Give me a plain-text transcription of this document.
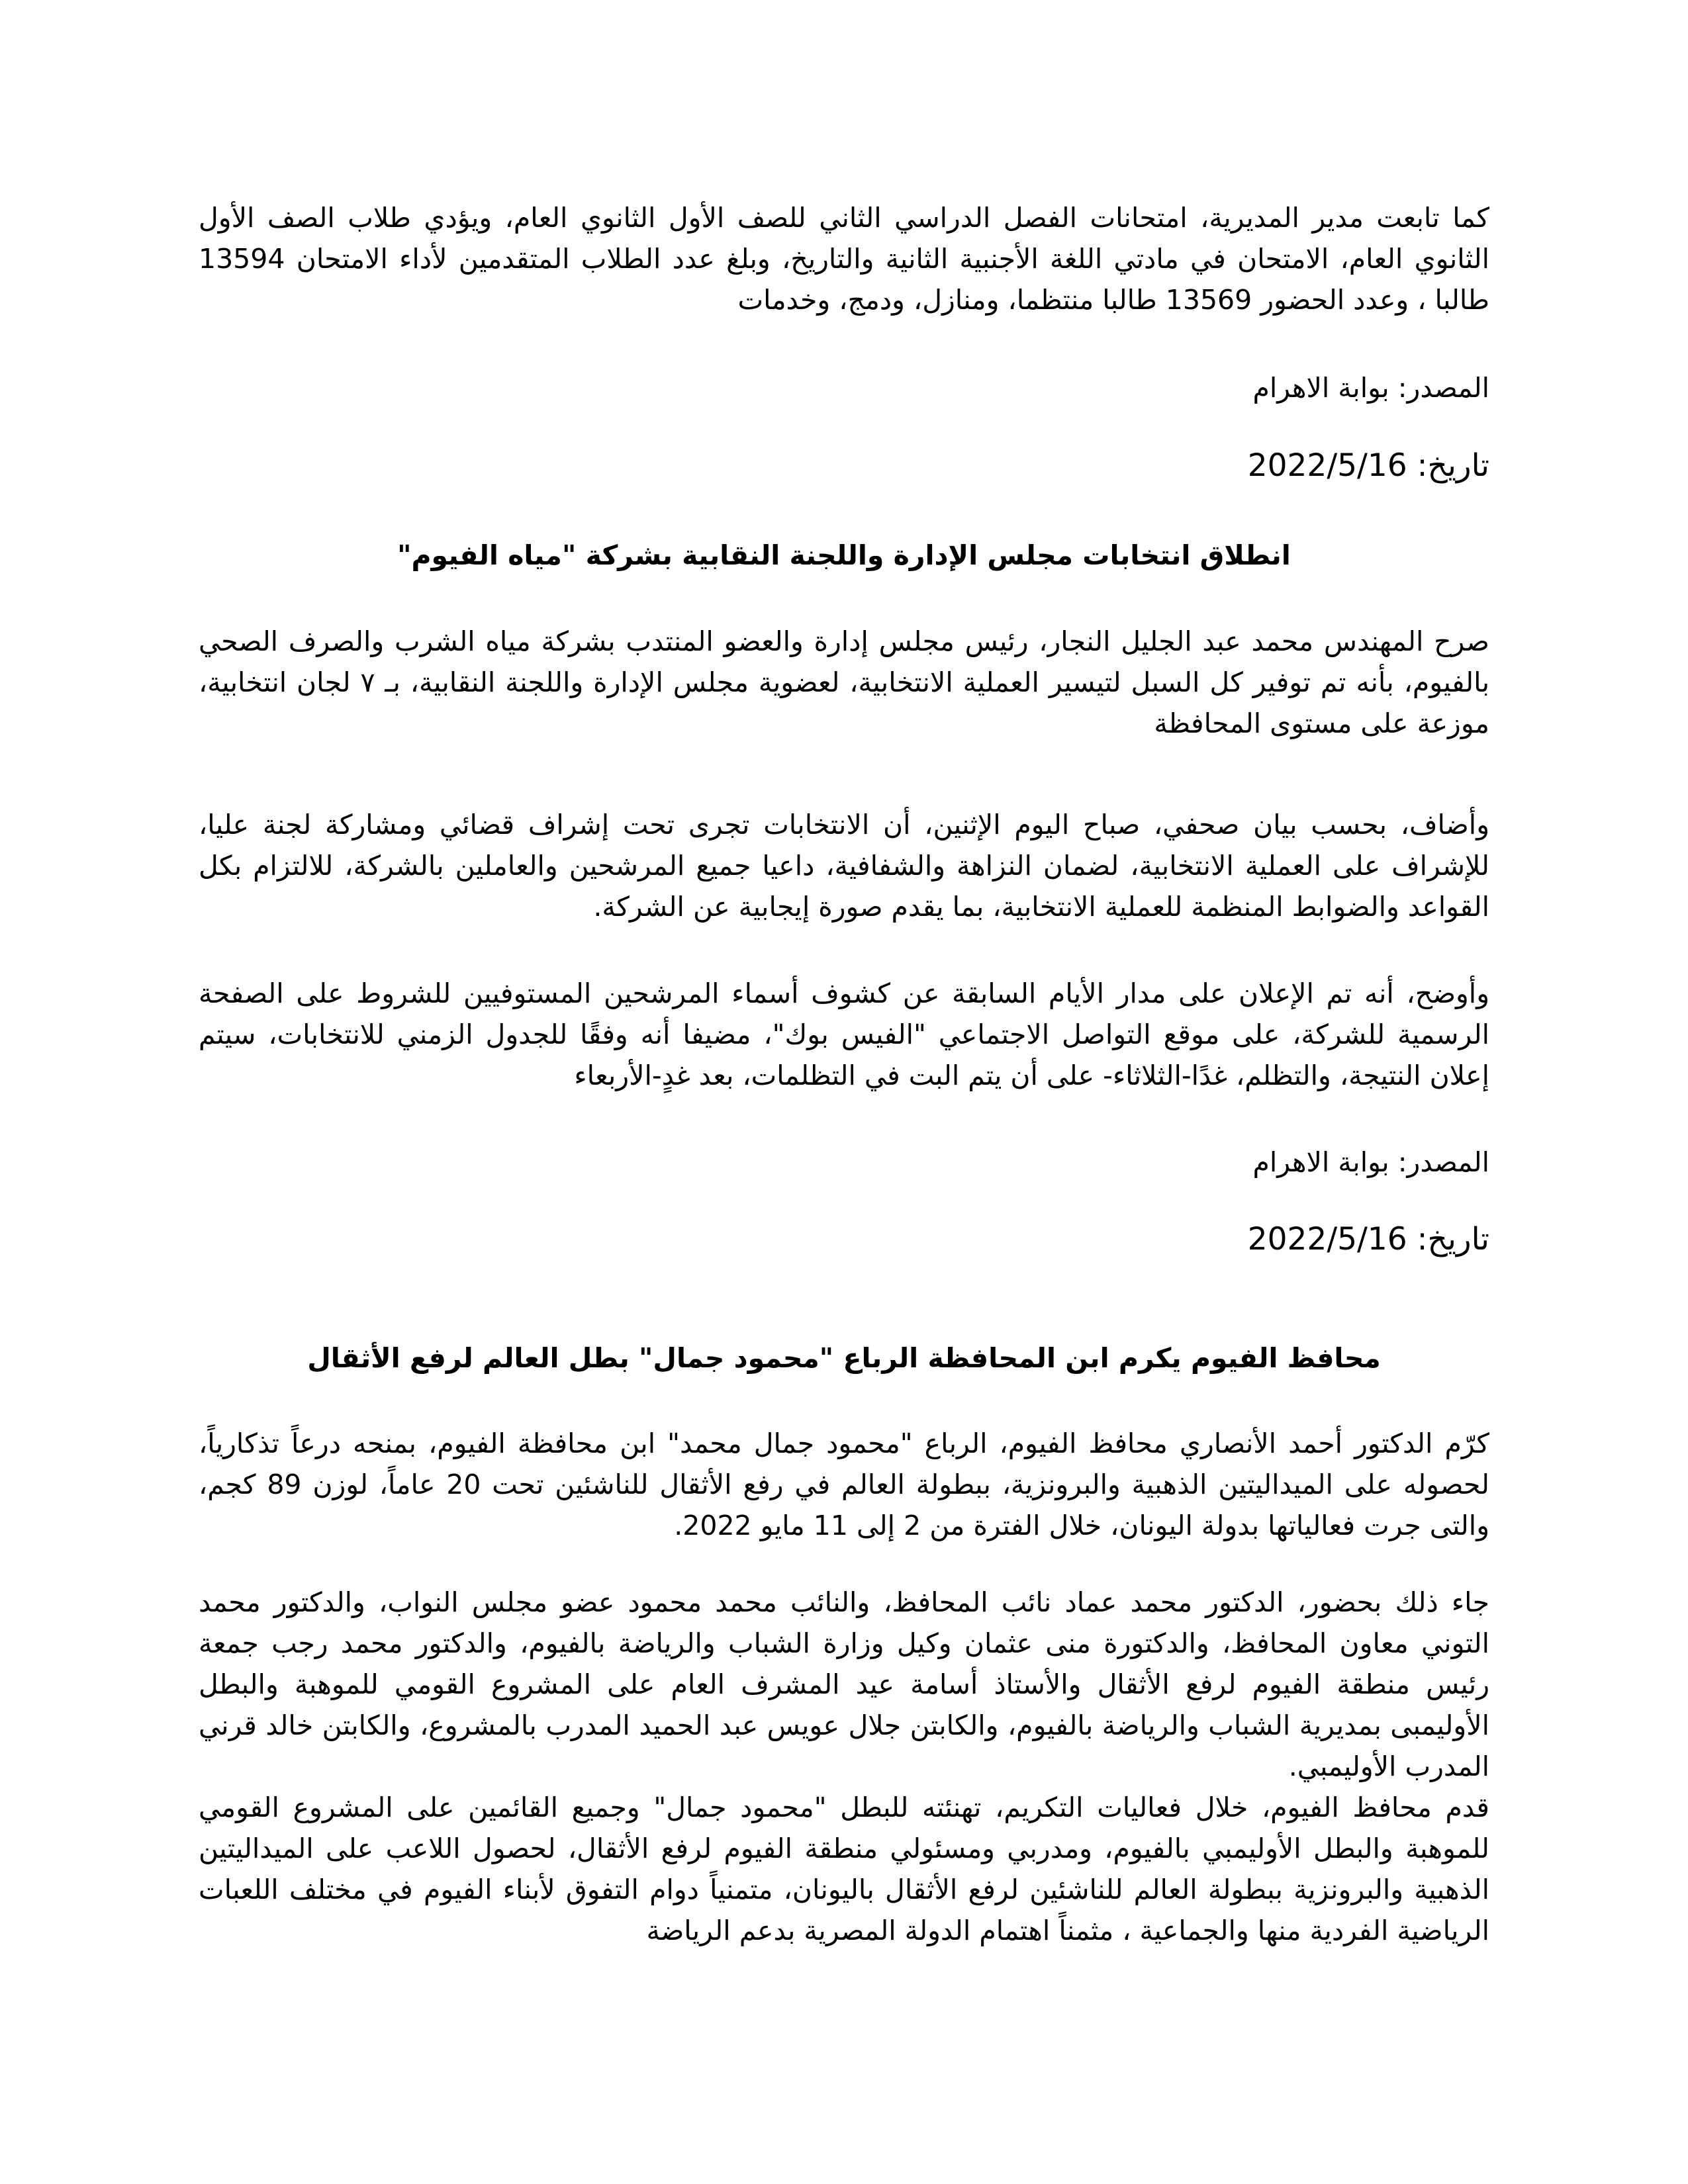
كما تابعت مدير المديرية، امتحانات الفصل الدراسي الثاني للصف الأول الثانوي العام، ويؤدي طلاب الصف الأول الثانوي العام، الامتحان في مادتي اللغة الأجنبية الثانية والتاريخ، وبلغ عدد الطلاب المتقدمين لأداء الامتحان 13594 طالبا ، وعدد الحضور 13569 طالبا منتظما، ومنازل، ودمج، وخدمات

المصدر: بوابة الاهرام
تاريخ: 2022/5/16
انطلاق انتخابات مجلس الإدارة واللجنة النقابية بشركة "مياه الفيوم"

صرح المهندس محمد عبد الجليل النجار، رئيس مجلس إدارة والعضو المنتدب بشركة مياه الشرب والصرف الصحي بالفيوم، بأنه تم توفير كل السبل لتيسير العملية الانتخابية، لعضوية مجلس الإدارة واللجنة النقابية، بـ ٧ لجان انتخابية، موزعة على مستوى المحافظة

وأضاف، بحسب بيان صحفي، صباح اليوم الإثنين، أن الانتخابات تجرى تحت إشراف قضائي ومشاركة لجنة عليا، للإشراف على العملية الانتخابية، لضمان النزاهة والشفافية، داعيا جميع المرشحين والعاملين بالشركة، للالتزام بكل القواعد والضوابط المنظمة للعملية الانتخابية، بما يقدم صورة إيجابية عن الشركة.

وأوضح، أنه تم الإعلان على مدار الأيام السابقة عن كشوف أسماء المرشحين المستوفيين للشروط على الصفحة الرسمية للشركة، على موقع التواصل الاجتماعي "الفيس بوك"، مضيفا أنه وفقًا للجدول الزمني للانتخابات، سيتم إعلان النتيجة، والتظلم، غدًا-الثلاثاء- على أن يتم البت في التظلمات، بعد غدٍ-الأربعاء

المصدر: بوابة الاهرام
تاريخ: 2022/5/16
محافظ الفيوم يكرم ابن المحافظة الرباع "محمود جمال" بطل العالم لرفع الأثقال

كرّم الدكتور أحمد الأنصاري محافظ الفيوم، الرباع "محمود جمال محمد" ابن محافظة الفيوم، بمنحه درعاً تذكارياً، لحصوله على الميداليتين الذهبية والبرونزية، ببطولة العالم في رفع الأثقال للناشئين تحت 20 عاماً، لوزن 89 كجم، والتى جرت فعالياتها بدولة اليونان، خلال الفترة من 2 إلى 11 مايو 2022.

جاء ذلك بحضور، الدكتور محمد عماد نائب المحافظ، والنائب محمد محمود عضو مجلس النواب، والدكتور محمد التوني معاون المحافظ، والدكتورة منى عثمان وكيل وزارة الشباب والرياضة بالفيوم، والدكتور محمد رجب جمعة رئيس منطقة الفيوم لرفع الأثقال والأستاذ أسامة عيد المشرف العام على المشروع القومي للموهبة والبطل الأوليمبى بمديرية الشباب والرياضة بالفيوم، والكابتن جلال عويس عبد الحميد المدرب بالمشروع، والكابتن خالد قرني المدرب الأوليمبي.

قدم محافظ الفيوم، خلال فعاليات التكريم، تهنئته للبطل "محمود جمال" وجميع القائمين على المشروع القومي للموهبة والبطل الأوليمبي بالفيوم، ومدربي ومسئولي منطقة الفيوم لرفع الأثقال، لحصول اللاعب على الميداليتين الذهبية والبرونزية ببطولة العالم للناشئين لرفع الأثقال باليونان، متمنياً دوام التفوق لأبناء الفيوم في مختلف اللعبات الرياضية الفردية منها والجماعية ، مثمناً اهتمام الدولة المصرية بدعم الرياضة
